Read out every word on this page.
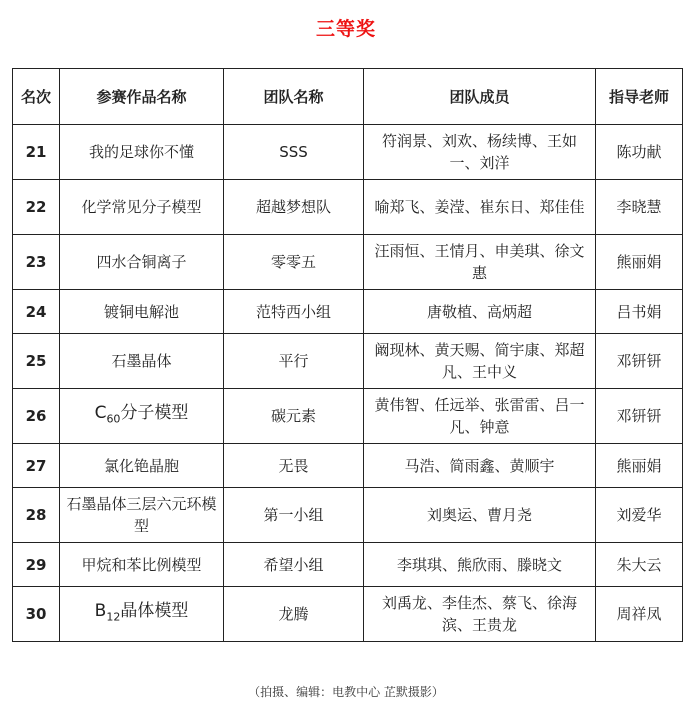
三等奖
名次	参赛作品名称	团队名称	团队成员	指导老师
21	我的足球你不懂	SSS	符润景、刘欢、杨续博、王如一、刘洋	陈功献
22	化学常见分子模型	超越梦想队	喻郑飞、姜滢、崔东日、郑佳佳	李晓慧
23	四水合铜离子	零零五	汪雨恒、王情月、申美琪、徐文惠	熊丽娟
24	镀铜电解池	范特西小组	唐敬植、高炳超	吕书娟
25	石墨晶体	平行	阚现林、黄天赐、简宇康、郑超凡、王中义	邓钘钘
26	$C_{60}$分子模型	碳元素	黄伟智、任远举、张雷雷、吕一凡、钟意	邓钘钘
27	氯化铯晶胞	无畏	马浩、简雨鑫、黄顺宇	熊丽娟
28	石墨晶体三层六元环模型	第一小组	刘奥运、曹月尧	刘爱华
29	甲烷和苯比例模型	希望小组	李琪琪、熊欣雨、滕晓文	朱大云
30	$B_{12}$晶体模型	龙腾	刘禹龙、李佳杰、蔡飞、徐海滨、王贵龙	周祥凤
（拍摄、编辑：电教中心 芷默摄影）
